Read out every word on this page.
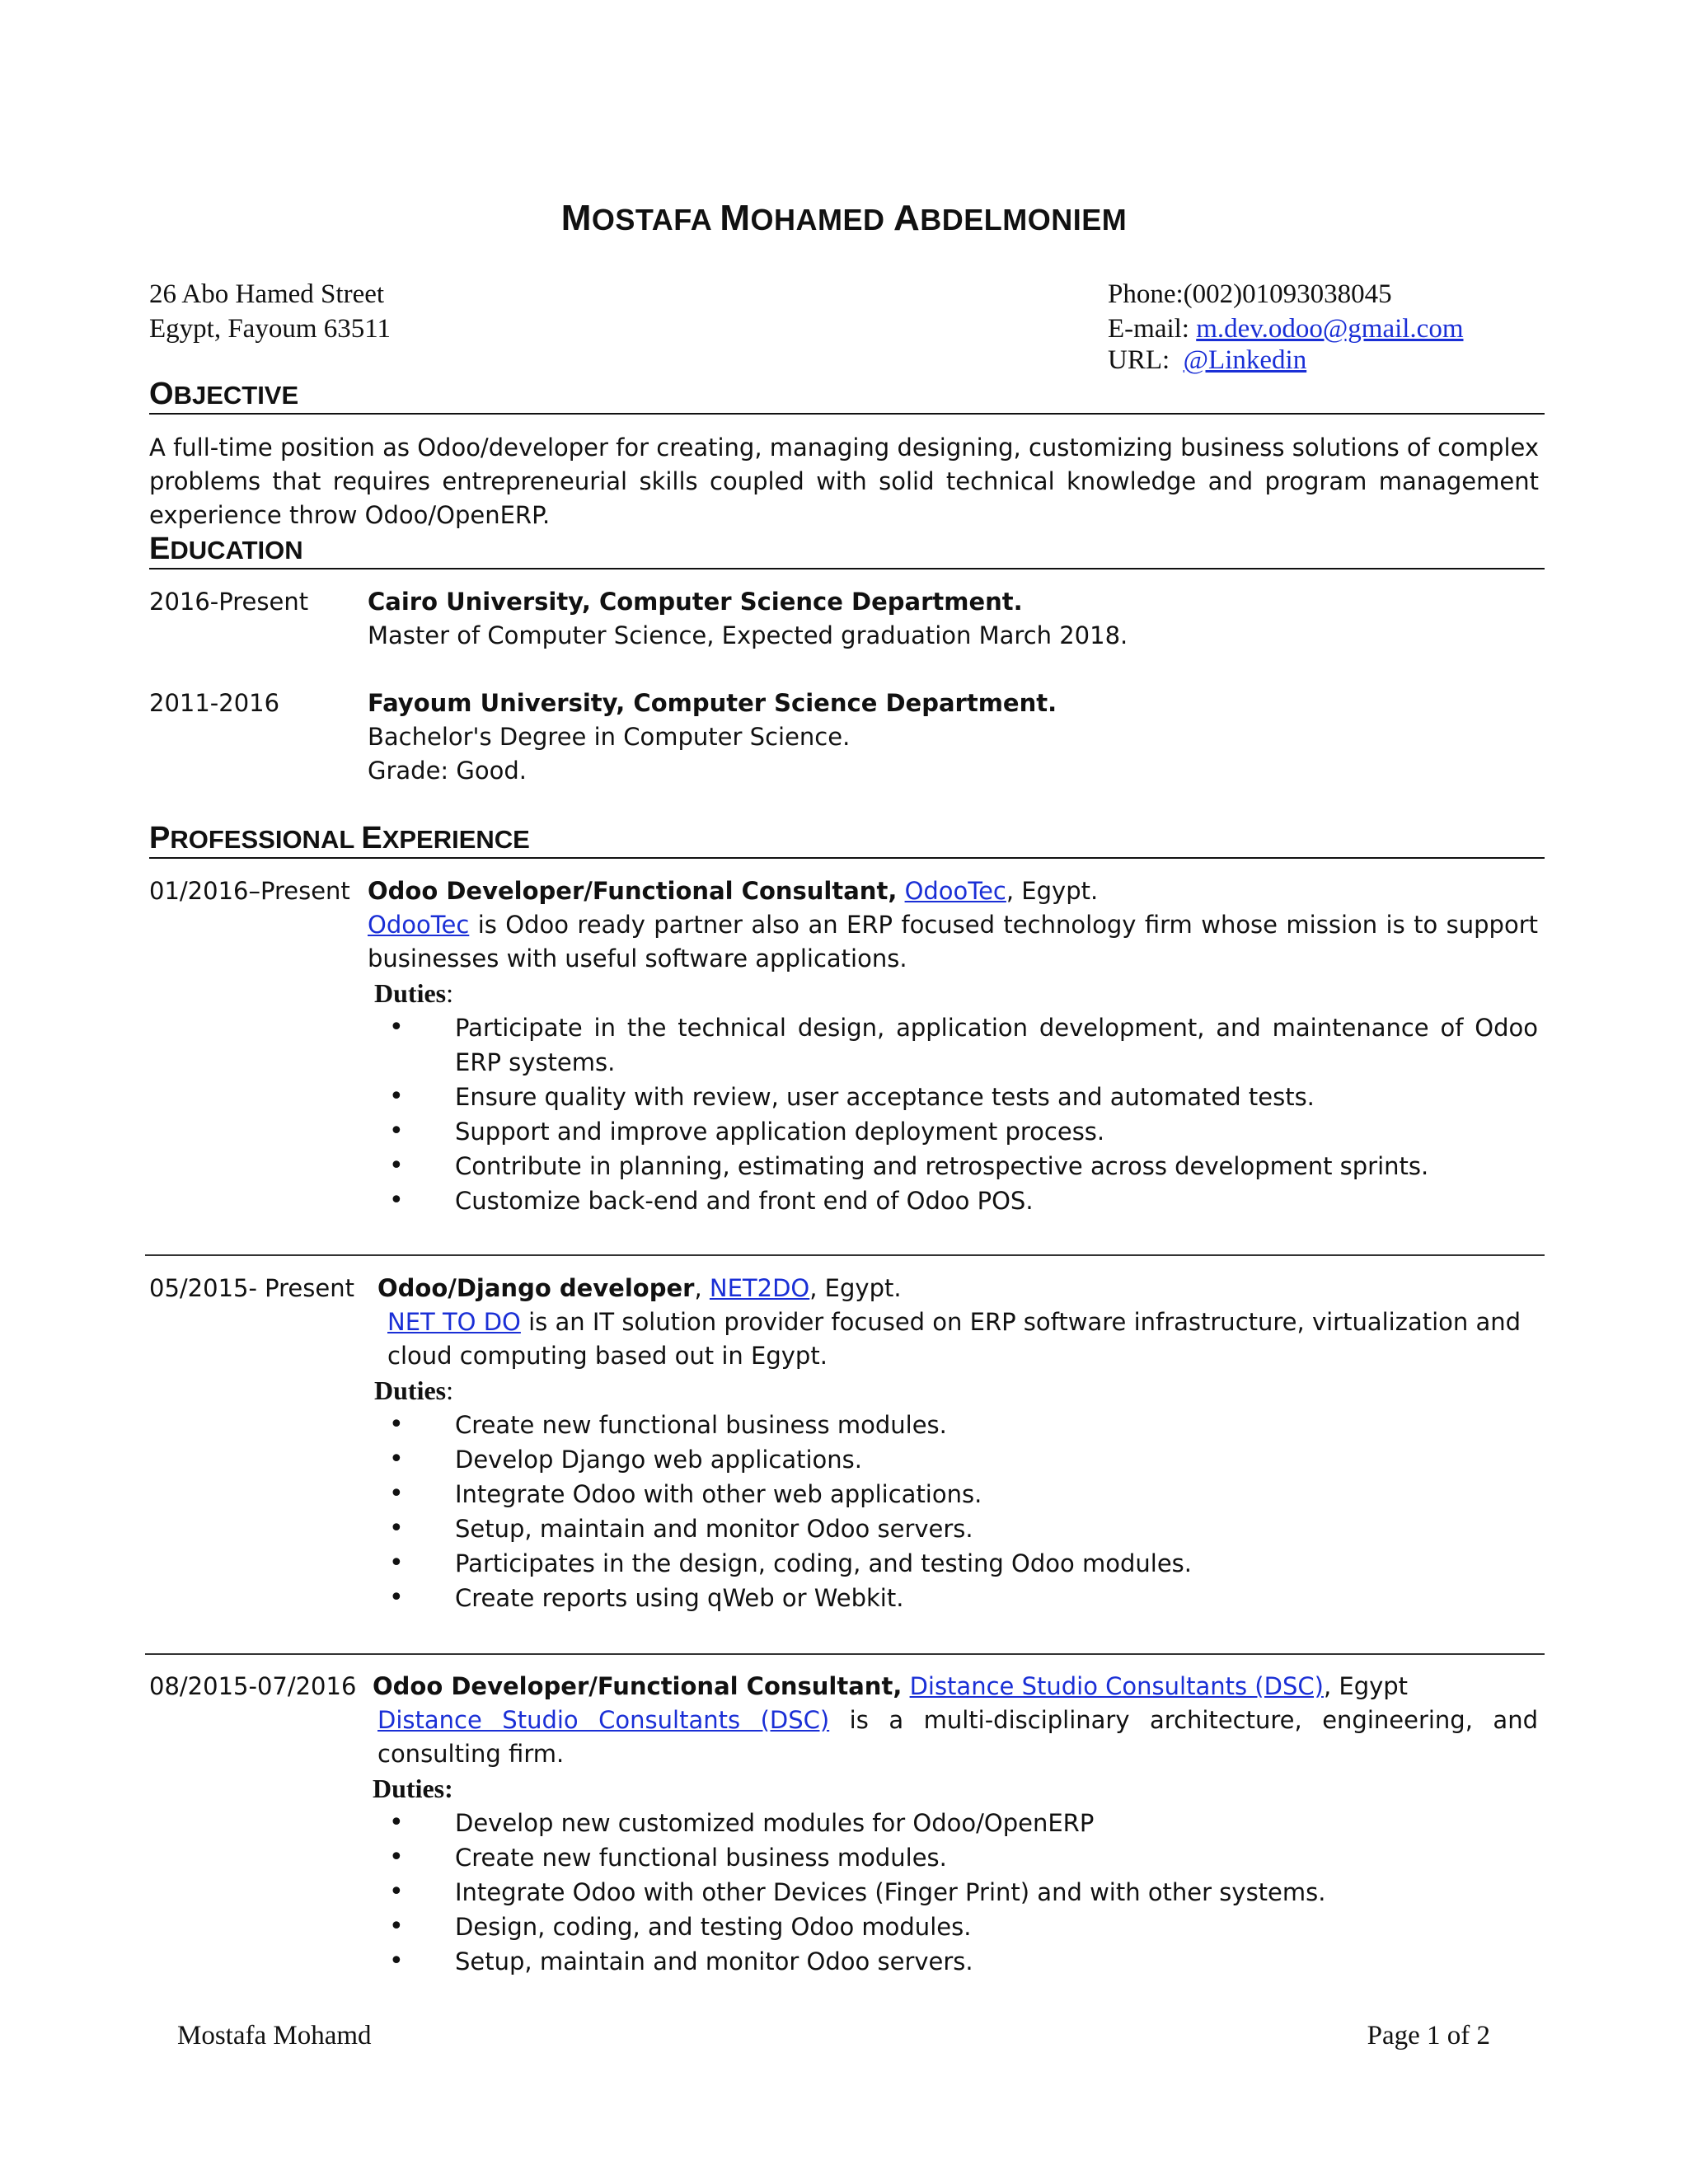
MOSTAFA MOHAMED ABDELMONIEM
26 Abo Hamed Street
Egypt, Fayoum 63511
Phone:(002)01093038045
E-mail: m.dev.odoo@gmail.com
URL:  @Linkedin
OBJECTIVE
A full-time position as Odoo/developer for creating, managing designing, customizing business solutions of complex problems that requires entrepreneurial skills coupled with solid technical knowledge and program management experience throw Odoo/OpenERP.
EDUCATION
2016-Present Cairo University, Computer Science Department.
Master of Computer Science, Expected graduation March 2018.
2011-2016	Fayoum University, Computer Science Department.
Bachelor's Degree in Computer Science.
Grade: Good.
PROFESSIONAL EXPERIENCE
01/2016–Present Odoo Developer/Functional Consultant, OdooTec, Egypt.
OdooTec is Odoo ready partner also an ERP focused technology firm whose mission is to support businesses with useful software applications.
Duties:
•	Participate in the technical design, application development, and maintenance of Odoo ERP systems.
•	Ensure quality with review, user acceptance tests and automated tests.
•	Support and improve application deployment process.
•	Contribute in planning, estimating and retrospective across development sprints.
•	Customize back-end and front end of Odoo POS.
05/2015- Present Odoo/Django developer, NET2DO, Egypt.
NET TO DO is an IT solution provider focused on ERP software infrastructure, virtualization and cloud computing based out in Egypt.
Duties:
•	Create new functional business modules.
•	Develop Django web applications.
•	Integrate Odoo with other web applications.
•	Setup, maintain and monitor Odoo servers.
•	Participates in the design, coding, and testing Odoo modules.
•	Create reports using qWeb or Webkit.
08/2015-07/2016 Odoo Developer/Functional Consultant, Distance Studio Consultants (DSC), Egypt
Distance Studio Consultants (DSC) is a multi-disciplinary architecture, engineering, and consulting firm.
Duties:
•	Develop new customized modules for Odoo/OpenERP
•	Create new functional business modules.
•	Integrate Odoo with other Devices (Finger Print) and with other systems.
•	Design, coding, and testing Odoo modules.
•	Setup, maintain and monitor Odoo servers.
Mostafa Mohamd	Page 1 of 2
